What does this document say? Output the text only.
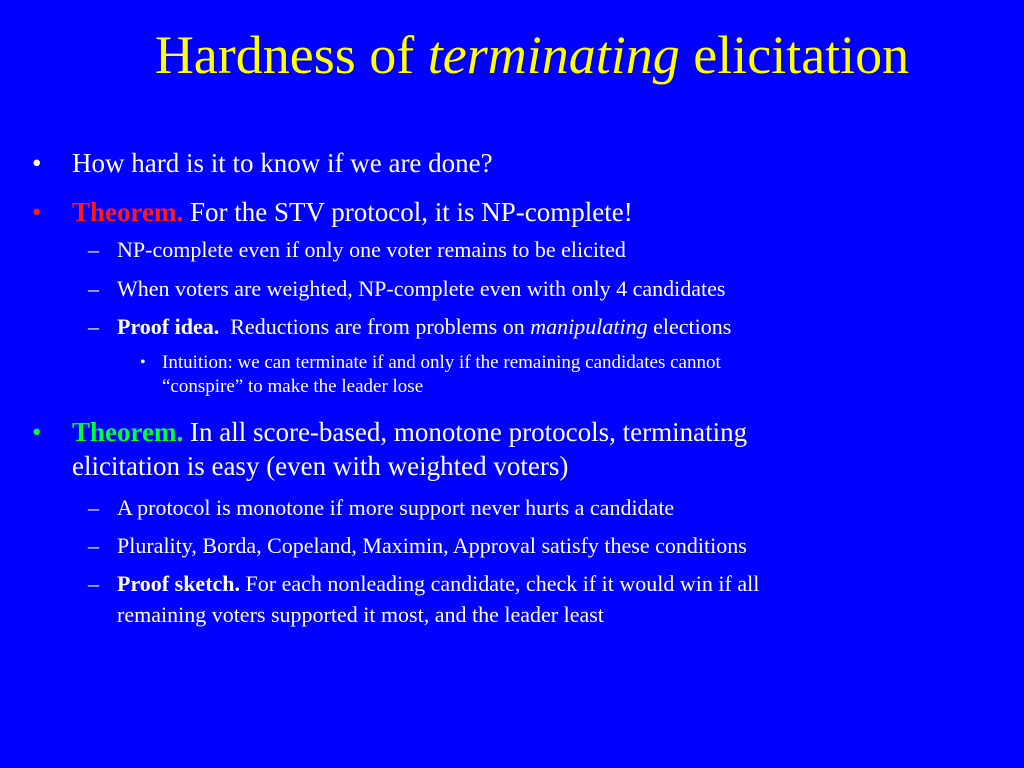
Hardness of terminating elicitation
• How hard is it to know if we are done?
• Theorem. For the STV protocol, it is NP-complete!
– NP-complete even if only one voter remains to be elicited
– When voters are weighted, NP-complete even with only 4 candidates
– Proof idea. Reductions are from problems on manipulating elections
• Intuition: we can terminate if and only if the remaining candidates cannot
“conspire” to make the leader lose
• Theorem. In all score-based, monotone protocols, terminating
elicitation is easy (even with weighted voters)
– A protocol is monotone if more support never hurts a candidate
– Plurality, Borda, Copeland, Maximin, Approval satisfy these conditions
– Proof sketch. For each nonleading candidate, check if it would win if all
remaining voters supported it most, and the leader least
